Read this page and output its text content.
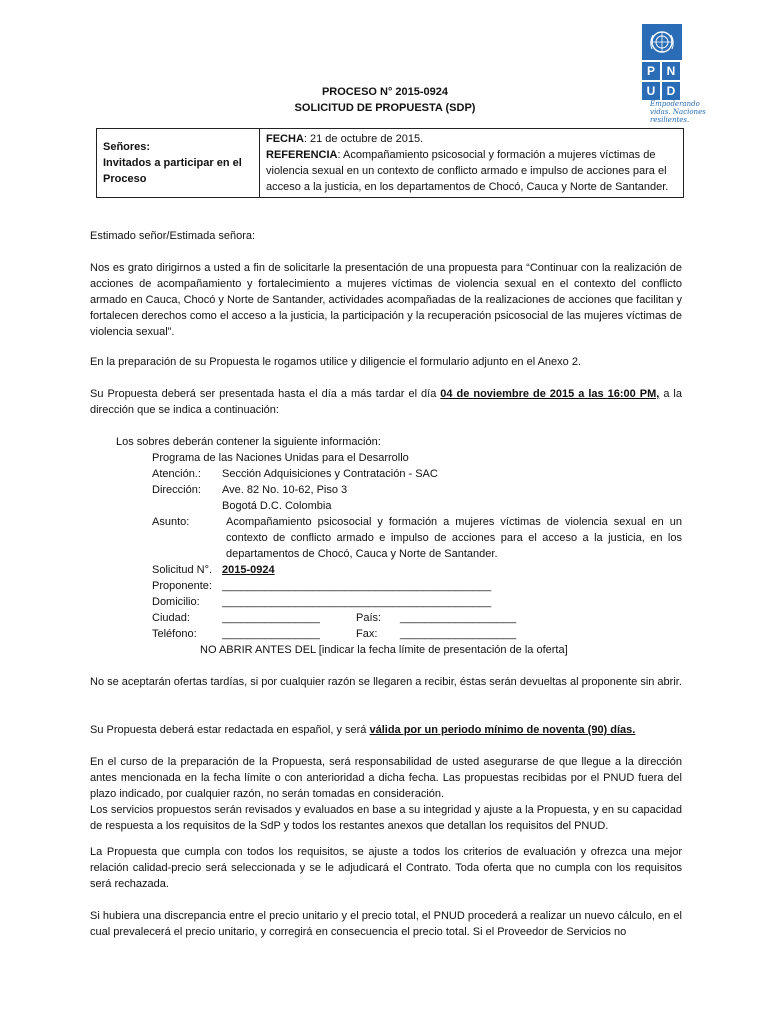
P N
U D
Empoderando vidas. Naciones resilientes.
PROCESO N° 2015-0924
SOLICITUD DE PROPUESTA (SDP)
Señores:
Invitados a participar en el Proceso

FECHA: 21 de octubre de 2015.
REFERENCIA: Acompañamiento psicosocial y formación a mujeres víctimas de violencia sexual en un contexto de conflicto armado e impulso de acciones para el acceso a la justicia, en los departamentos de Chocó, Cauca y Norte de Santander.
Estimado señor/Estimada señora:
Nos es grato dirigirnos a usted a fin de solicitarle la presentación de una propuesta para “Continuar con la realización de acciones de acompañamiento y fortalecimiento a mujeres víctimas de violencia sexual en el contexto del conflicto armado en Cauca, Chocó y Norte de Santander, actividades acompañadas de la realizaciones de acciones que facilitan y fortalecen derechos como el acceso a la justicia, la participación y la recuperación psicosocial de las mujeres víctimas de violencia sexual”.
En la preparación de su Propuesta le rogamos utilice y diligencie el formulario adjunto en el Anexo 2.
Su Propuesta deberá ser presentada hasta el día a más tardar el día 04 de noviembre de 2015 a las 16:00 PM, a la dirección que se indica a continuación:
Los sobres deberán contener la siguiente información:
Programa de las Naciones Unidas para el Desarrollo
Atención.: Sección Adquisiciones y Contratación - SAC
Dirección: Ave. 82 No. 10-62, Piso 3
Bogotá D.C. Colombia
Asunto:	Acompañamiento psicosocial y formación a mujeres víctimas de violencia sexual en un contexto de conflicto armado e impulso de acciones para el acceso a la justicia, en los departamentos de Chocó, Cauca y Norte de Santander.
Solicitud N°. 2015-0924
Proponente: ____________________________________________
Domicilio: ____________________________________________
Ciudad:	________________	País: ___________________
Teléfono: ________________	Fax: ___________________
NO ABRIR ANTES DEL [indicar la fecha límite de presentación de la oferta]
No se aceptarán ofertas tardías, si por cualquier razón se llegaren a recibir, éstas serán devueltas al proponente sin abrir.
Su Propuesta deberá estar redactada en español, y será válida por un periodo mínimo de noventa (90) días.
En el curso de la preparación de la Propuesta, será responsabilidad de usted asegurarse de que llegue a la dirección antes mencionada en la fecha límite o con anterioridad a dicha fecha. Las propuestas recibidas por el PNUD fuera del plazo indicado, por cualquier razón, no serán tomadas en consideración.
Los servicios propuestos serán revisados y evaluados en base a su integridad y ajuste a la Propuesta, y en su capacidad de respuesta a los requisitos de la SdP y todos los restantes anexos que detallan los requisitos del PNUD.
La Propuesta que cumpla con todos los requisitos, se ajuste a todos los criterios de evaluación y ofrezca una mejor relación calidad-precio será seleccionada y se le adjudicará el Contrato. Toda oferta que no cumpla con los requisitos será rechazada.
Si hubiera una discrepancia entre el precio unitario y el precio total, el PNUD procederá a realizar un nuevo cálculo, en el cual prevalecerá el precio unitario, y corregirá en consecuencia el precio total. Si el Proveedor de Servicios no
